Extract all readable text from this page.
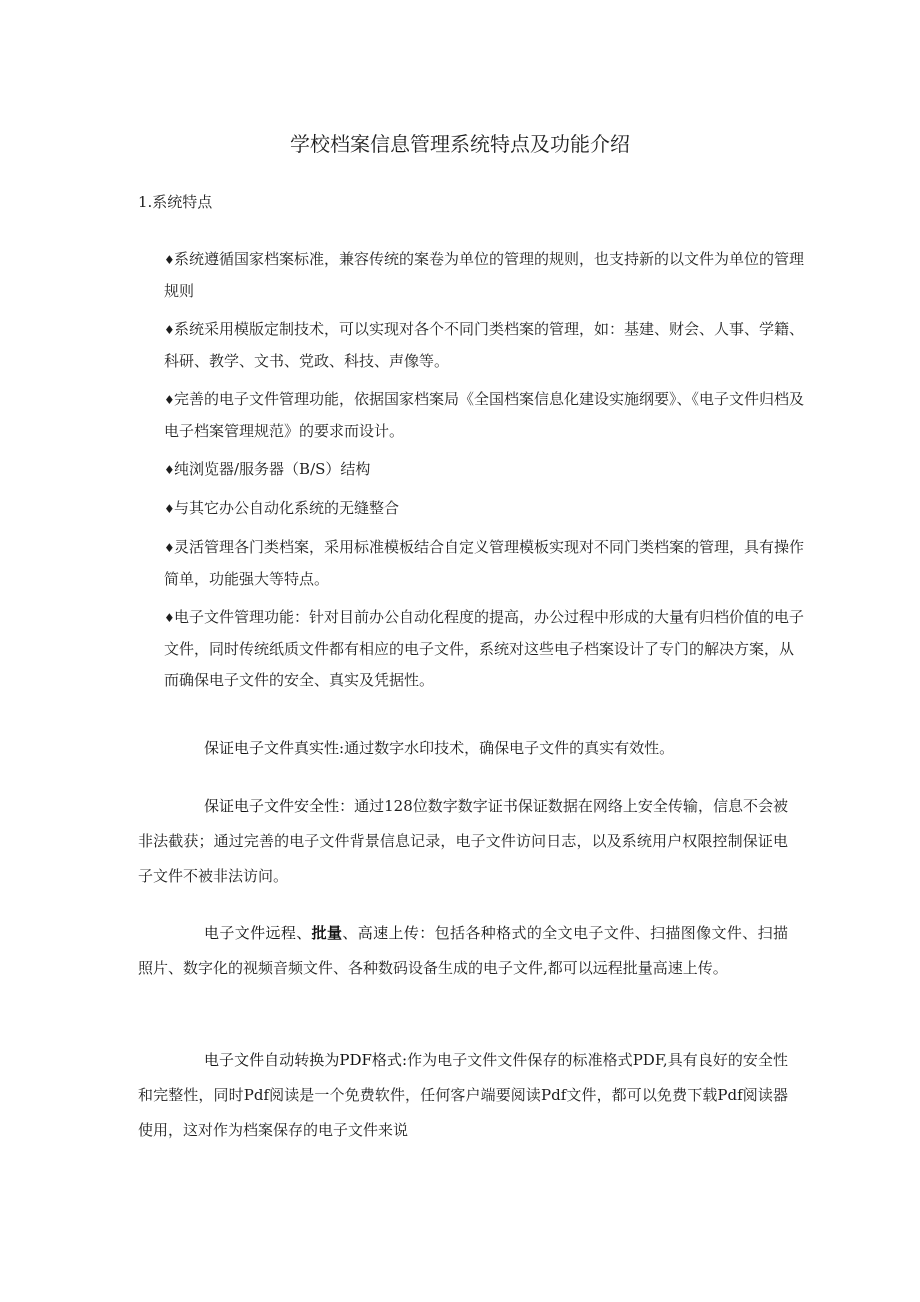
学校档案信息管理系统特点及功能介绍
1.系统特点
♦系统遵循国家档案标准，兼容传统的案卷为单位的管理的规则，也支持新的以文件为单位的管理规则
♦系统采用模版定制技术，可以实现对各个不同门类档案的管理，如：基建、财会、人事、学籍、科研、教学、文书、党政、科技、声像等。
♦完善的电子文件管理功能，依据国家档案局《全国档案信息化建设实施纲要》、《电子文件归档及电子档案管理规范》的要求而设计。
♦纯浏览器/服务器（B/S）结构
♦与其它办公自动化系统的无缝整合
♦灵活管理各门类档案，采用标准模板结合自定义管理模板实现对不同门类档案的管理，具有操作简单，功能强大等特点。
♦电子文件管理功能：针对目前办公自动化程度的提高，办公过程中形成的大量有归档价值的电子文件，同时传统纸质文件都有相应的电子文件，系统对这些电子档案设计了专门的解决方案，从而确保电子文件的安全、真实及凭据性。

保证电子文件真实性:通过数字水印技术，确保电子文件的真实有效性。

保证电子文件安全性：通过128位数字数字证书保证数据在网络上安全传输，信息不会被非法截获；通过完善的电子文件背景信息记录，电子文件访问日志，以及系统用户权限控制保证电子文件不被非法访问。

电子文件远程、批量、高速上传：包括各种格式的全文电子文件、扫描图像文件、扫描照片、数字化的视频音频文件、各种数码设备生成的电子文件,都可以远程批量高速上传。

电子文件自动转换为PDF格式:作为电子文件文件保存的标准格式PDF,具有良好的安全性和完整性，同时Pdf阅读是一个免费软件，任何客户端要阅读Pdf文件，都可以免费下载Pdf阅读器使用，这对作为档案保存的电子文件来说
